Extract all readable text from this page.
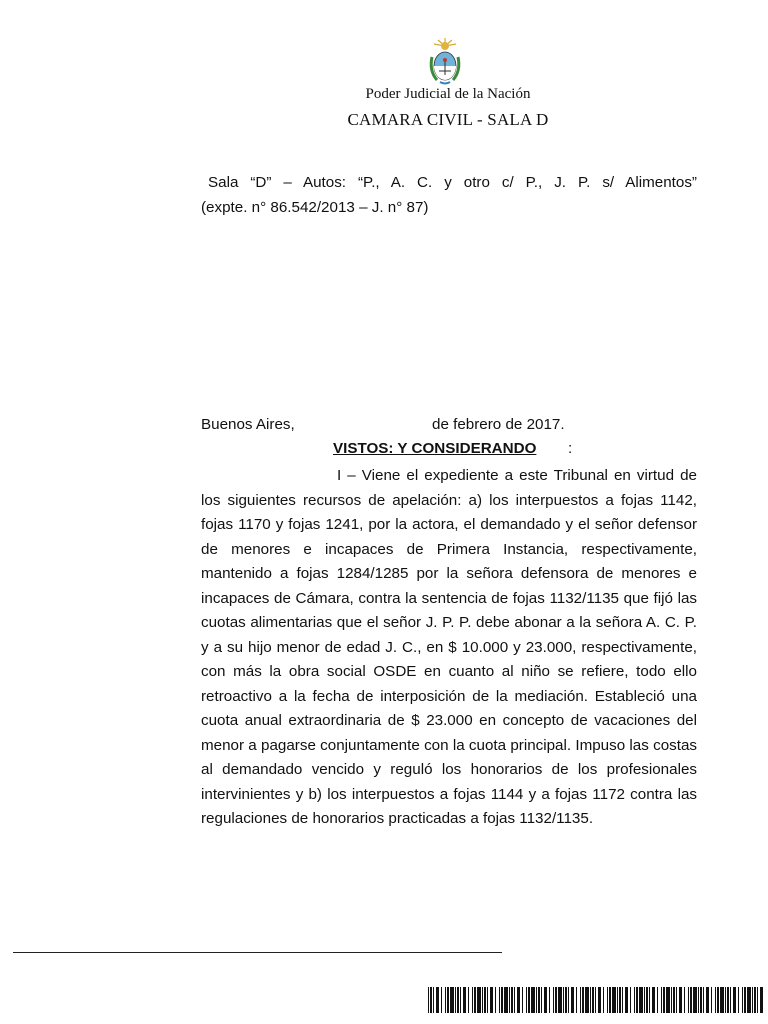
Poder Judicial de la Nación
CAMARA CIVIL - SALA D
Sala “D” – Autos: “P., A. C. y otro c/ P., J. P. s/ Alimentos”
(expte. n° 86.542/2013 – J. n° 87)
Buenos Aires,	de febrero de 2017.
VISTOS: Y CONSIDERANDO :
I – Viene el expediente a este Tribunal en virtud de los siguientes recursos de apelación: a) los interpuestos a fojas 1142, fojas 1170 y fojas 1241, por la actora, el demandado y el señor defensor de menores e incapaces de Primera Instancia, respectivamente, mantenido a fojas 1284/1285 por la señora defensora de menores e incapaces de Cámara, contra la sentencia de fojas 1132/1135 que fijó las cuotas alimentarias que el señor J. P. P. debe abonar a la señora A. C. P. y a su hijo menor de edad J. C., en $ 10.000 y 23.000, respectivamente, con más la obra social OSDE en cuanto al niño se refiere, todo ello retroactivo a la fecha de interposición de la mediación. Estableció una cuota anual extraordinaria de $ 23.000 en concepto de vacaciones del menor a pagarse conjuntamente con la cuota principal. Impuso las costas al demandado vencido y reguló los honorarios de los profesionales intervinientes y b) los interpuestos a fojas 1144 y a fojas 1172 contra las regulaciones de honorarios practicadas a fojas 1132/1135.
